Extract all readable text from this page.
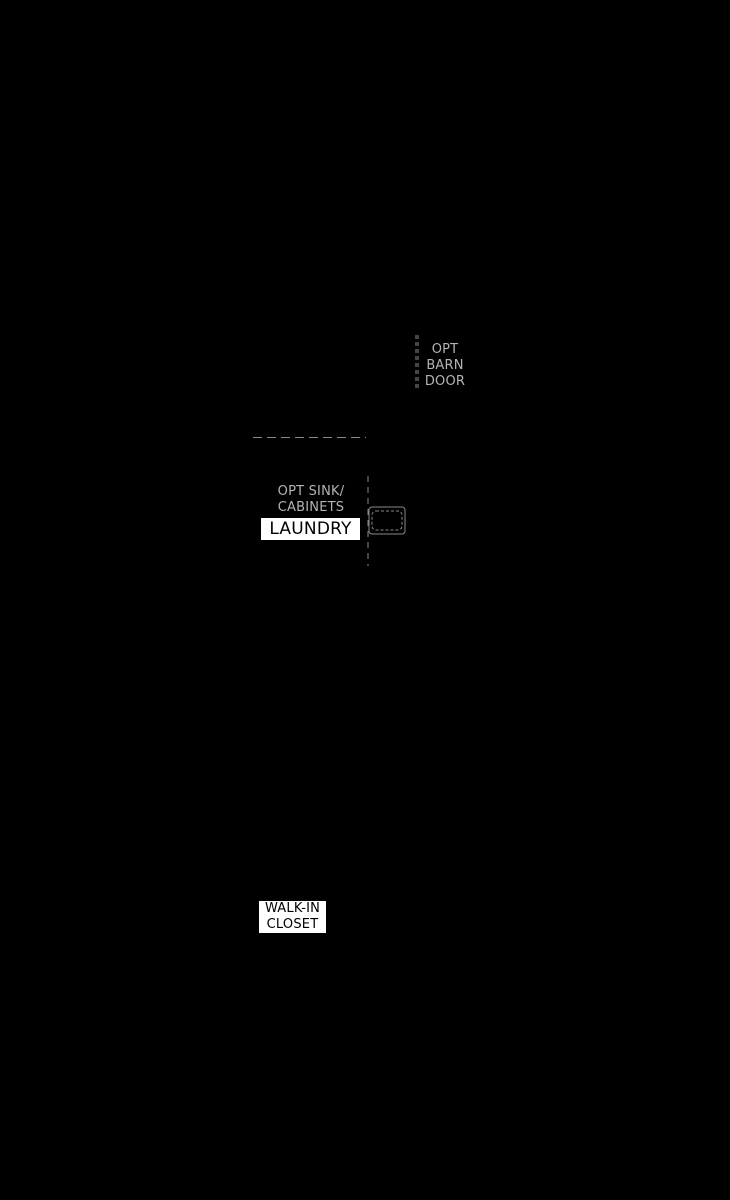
OPT
BARN
DOOR
OPT SINK/
CABINETS
LAUNDRY
WALK-IN
CLOSET
